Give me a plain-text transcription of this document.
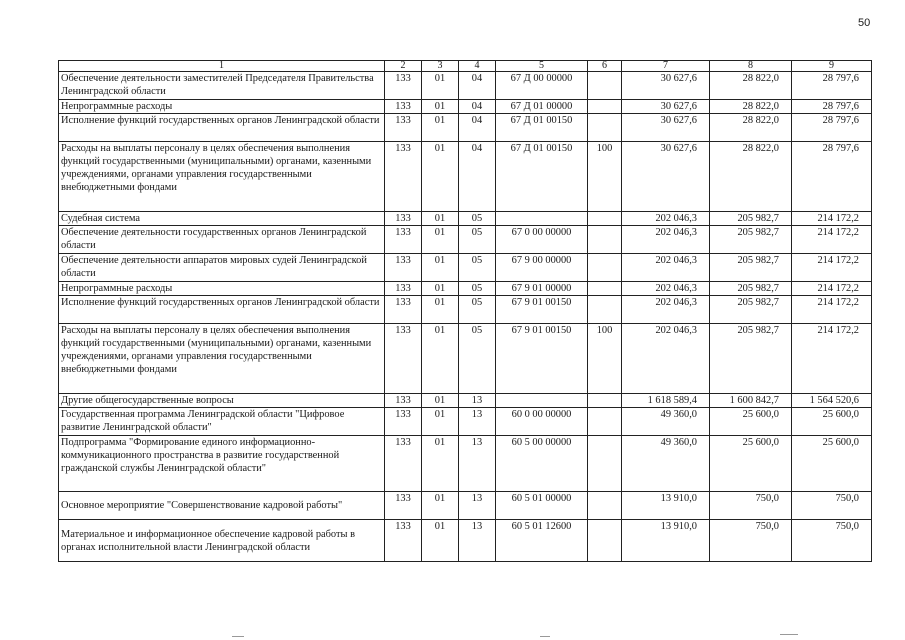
50
1	2	3	4	5	6	7	8	9
Обеспечение деятельности заместителей Председателя Правительства Ленинградской области	133	01	04	67 Д 00 00000		30 627,6	28 822,0	28 797,6
Непрограммные расходы	133	01	04	67 Д 01 00000		30 627,6	28 822,0	28 797,6
Исполнение функций государственных органов Ленинградской области	133	01	04	67 Д 01 00150		30 627,6	28 822,0	28 797,6
Расходы на выплаты персоналу в целях обеспечения выполнения функций государственными (муниципальными) органами, казенными учреждениями, органами управления государственными внебюджетными фондами	133	01	04	67 Д 01 00150	100	30 627,6	28 822,0	28 797,6
Судебная система	133	01	05			202 046,3	205 982,7	214 172,2
Обеспечение деятельности государственных органов Ленинградской области	133	01	05	67 0 00 00000		202 046,3	205 982,7	214 172,2
Обеспечение деятельности аппаратов мировых судей Ленинградской области	133	01	05	67 9 00 00000		202 046,3	205 982,7	214 172,2
Непрограммные расходы	133	01	05	67 9 01 00000		202 046,3	205 982,7	214 172,2
Исполнение функций государственных органов Ленинградской области	133	01	05	67 9 01 00150		202 046,3	205 982,7	214 172,2
Расходы на выплаты персоналу в целях обеспечения выполнения функций государственными (муниципальными) органами, казенными учреждениями, органами управления государственными внебюджетными фондами	133	01	05	67 9 01 00150	100	202 046,3	205 982,7	214 172,2
Другие общегосударственные вопросы	133	01	13			1 618 589,4	1 600 842,7	1 564 520,6
Государственная программа Ленинградской области "Цифровое развитие Ленинградской области"	133	01	13	60 0 00 00000		49 360,0	25 600,0	25 600,0
Подпрограмма "Формирование единого информационно-коммуникационного пространства в развитие государственной гражданской службы Ленинградской области"	133	01	13	60 5 00 00000		49 360,0	25 600,0	25 600,0
Основное мероприятие "Совершенствование кадровой работы"	133	01	13	60 5 01 00000		13 910,0	750,0	750,0
Материальное и информационное обеспечение кадровой работы в органах исполнительной власти Ленинградской области	133	01	13	60 5 01 12600		13 910,0	750,0	750,0
